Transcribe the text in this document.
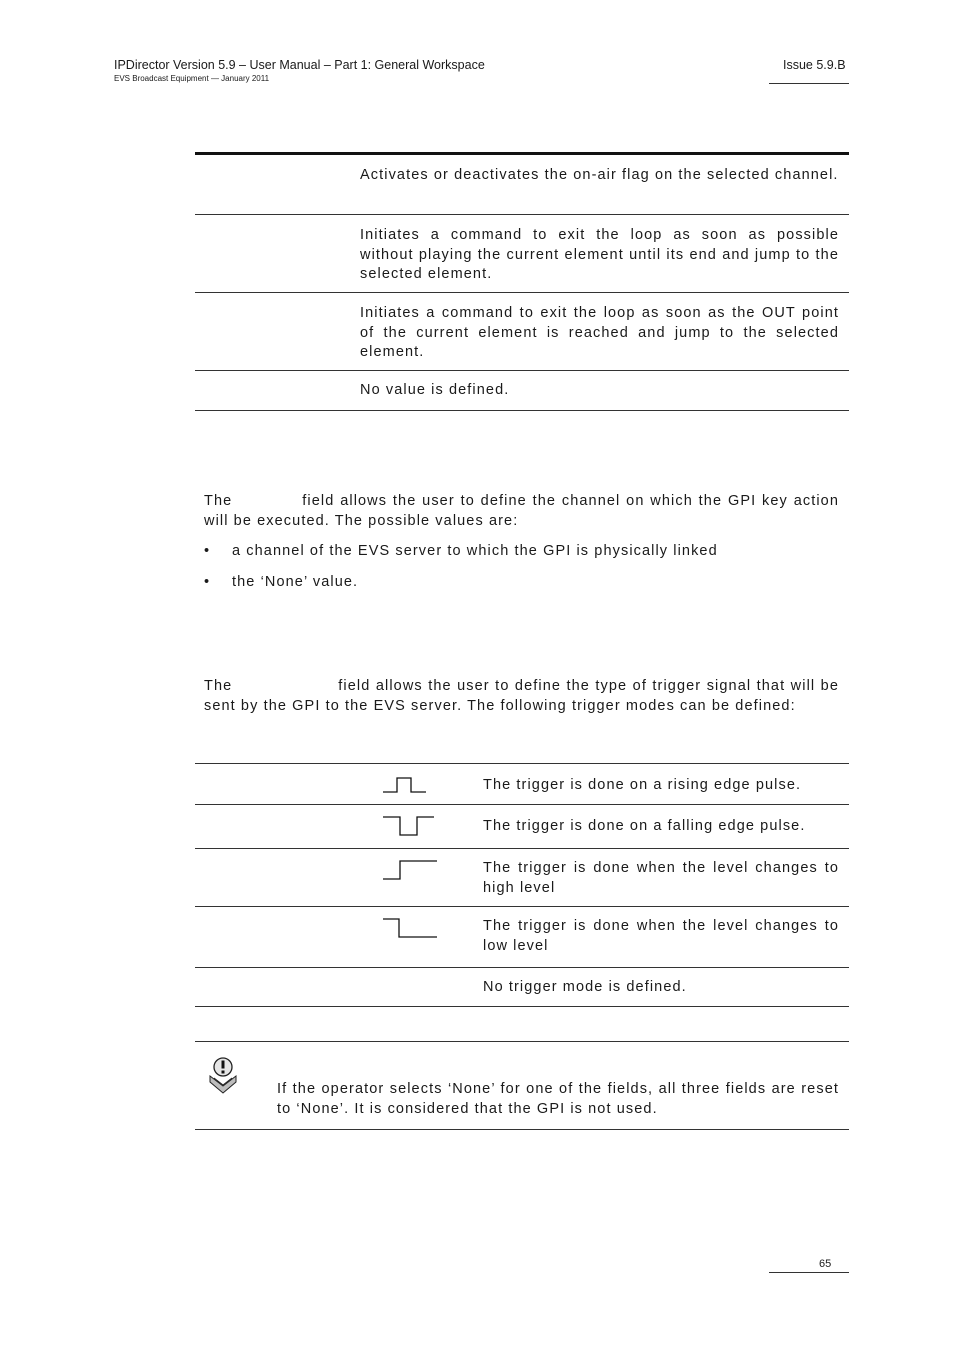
IPDirector Version 5.9 – User Manual – Part 1: General Workspace
EVS Broadcast Equipment — January 2011
Issue 5.9.B
Activates or deactivates the on-air flag on the selected channel.
Initiates a command to exit the loop as soon as possible without playing the current element until its end and jump to the selected element.
Initiates a command to exit the loop as soon as the OUT point of the current element is reached and jump to the selected element.
No value is defined.
The	field allows the user to define the channel on which the GPI key action will be executed. The possible values are:
• a channel of the EVS server to which the GPI is physically linked
• the ‘None’ value.
The	field allows the user to define the type of trigger signal that will be sent by the GPI to the EVS server. The following trigger modes can be defined:
The trigger is done on a rising edge pulse.
The trigger is done on a falling edge pulse.
The trigger is done when the level changes to high level
The trigger is done when the level changes to low level
No trigger mode is defined.
If the operator selects ‘None’ for one of the fields, all three fields are reset to ‘None’. It is considered that the GPI is not used.
65
